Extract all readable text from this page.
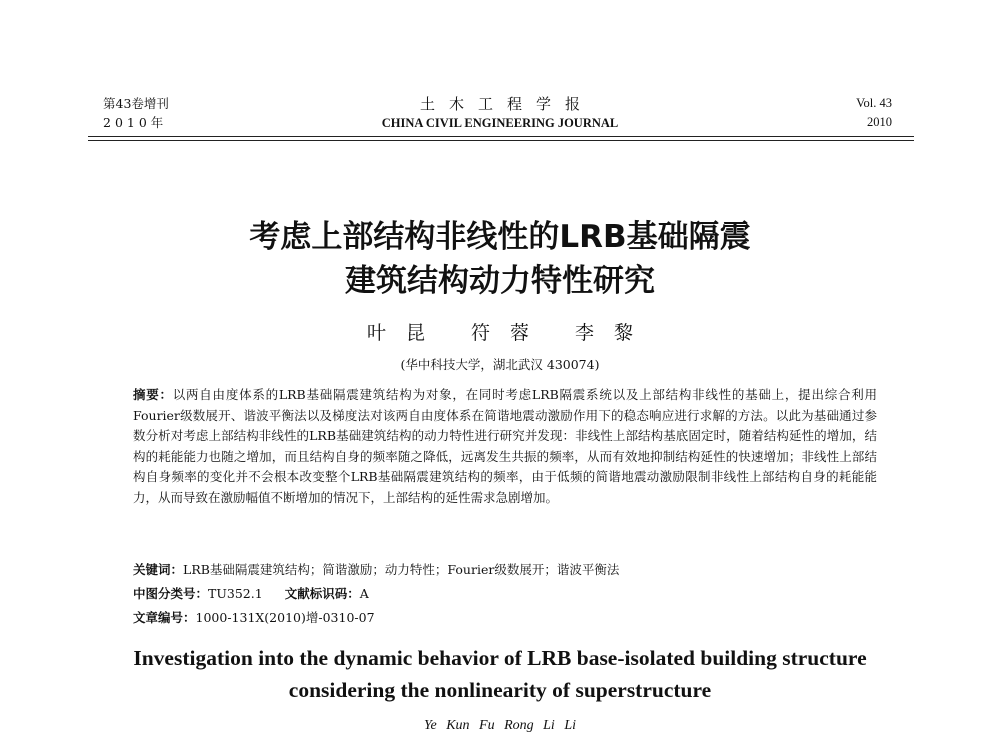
第43卷增刊
2010年
土木工程学报
CHINA CIVIL ENGINEERING JOURNAL
Vol. 43
2010
考虑上部结构非线性的LRB基础隔震
建筑结构动力特性研究
叶昆 符蓉 李黎
(华中科技大学，湖北武汉 430074)
摘要：以两自由度体系的LRB基础隔震建筑结构为对象，在同时考虑LRB隔震系统以及上部结构非线性的基础上，提出综合利用Fourier级数展开、谐波平衡法以及梯度法对该两自由度体系在简谐地震动激励作用下的稳态响应进行求解的方法。以此为基础通过参数分析对考虑上部结构非线性的LRB基础建筑结构的动力特性进行研究并发现：非线性上部结构基底固定时，随着结构延性的增加，结构的耗能能力也随之增加，而且结构自身的频率随之降低，远离发生共振的频率，从而有效地抑制结构延性的快速增加；非线性上部结构自身频率的变化并不会根本改变整个LRB基础隔震建筑结构的频率，由于低频的简谐地震动激励限制非线性上部结构自身的耗能能力，从而导致在激励幅值不断增加的情况下，上部结构的延性需求急剧增加。
关键词：LRB基础隔震建筑结构；简谐激励；动力特性；Fourier级数展开；谐波平衡法
中图分类号：TU352.1 文献标识码：A
文章编号：1000-131X(2010)增-0310-07
Investigation into the dynamic behavior of LRB base-isolated building structure
considering the nonlinearity of superstructure
Ye Kun Fu Rong Li Li
